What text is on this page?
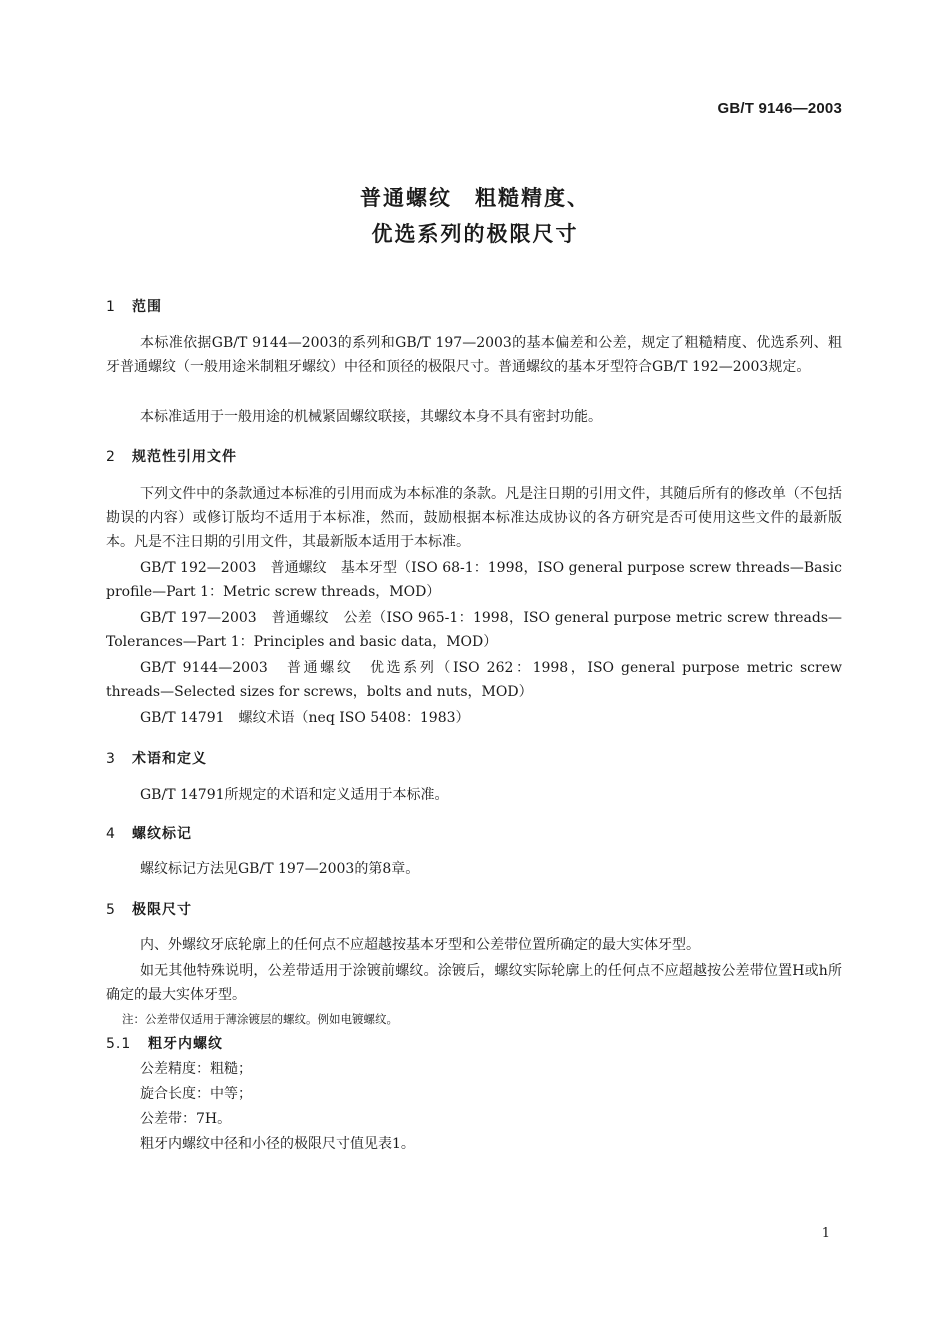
GB/T 9146—2003
普通螺纹　粗糙精度、
优选系列的极限尺寸
1 范围
本标准依据GB/T 9144—2003的系列和GB/T 197—2003的基本偏差和公差，规定了粗糙精度、优选系列、粗牙普通螺纹（一般用途米制粗牙螺纹）中径和顶径的极限尺寸。普通螺纹的基本牙型符合GB/T 192—2003规定。
本标准适用于一般用途的机械紧固螺纹联接，其螺纹本身不具有密封功能。
2 规范性引用文件
下列文件中的条款通过本标准的引用而成为本标准的条款。凡是注日期的引用文件，其随后所有的修改单（不包括勘误的内容）或修订版均不适用于本标准，然而，鼓励根据本标准达成协议的各方研究是否可使用这些文件的最新版本。凡是不注日期的引用文件，其最新版本适用于本标准。
GB/T 192—2003　普通螺纹　基本牙型（ISO 68-1：1998，ISO general purpose screw threads—Basic profile—Part 1：Metric screw threads，MOD）
GB/T 197—2003　普通螺纹　公差（ISO 965-1：1998，ISO general purpose metric screw threads—Tolerances—Part 1：Principles and basic data，MOD）
GB/T 9144—2003　普通螺纹　优选系列（ISO 262：1998，ISO general purpose metric screw threads—Selected sizes for screws，bolts and nuts，MOD）
GB/T 14791　螺纹术语（neq ISO 5408：1983）
3 术语和定义
GB/T 14791所规定的术语和定义适用于本标准。
4 螺纹标记
螺纹标记方法见GB/T 197—2003的第8章。
5 极限尺寸
内、外螺纹牙底轮廓上的任何点不应超越按基本牙型和公差带位置所确定的最大实体牙型。
如无其他特殊说明，公差带适用于涂镀前螺纹。涂镀后，螺纹实际轮廓上的任何点不应超越按公差带位置H或h所确定的最大实体牙型。
注：公差带仅适用于薄涂镀层的螺纹。例如电镀螺纹。
5.1 粗牙内螺纹
公差精度：粗糙；
旋合长度：中等；
公差带：7H。
粗牙内螺纹中径和小径的极限尺寸值见表1。
1
